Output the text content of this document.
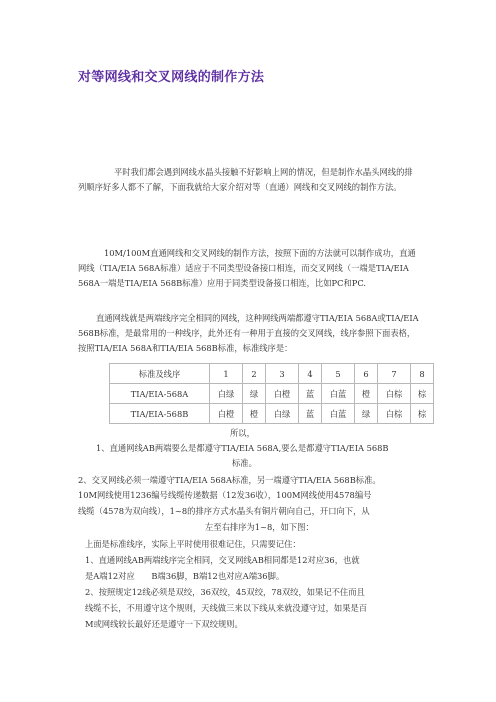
对等网线和交叉网线的制作方法
平时我们都会遇到网线水晶头接触不好影响上网的情况，但是制作水晶头网线的排列顺序好多人都不了解，下面我就给大家介绍对等（直通）网线和交叉网线的制作方法。
10M/100M直通网线和交叉网线的制作方法，按照下面的方法就可以制作成功，直通网线（TIA/EIA 568A标准）适应于不同类型设备接口相连，而交叉网线（一端是TIA/EIA 568A一端是TIA/EIA 568B标准）应用于同类型设备接口相连，比如PC和PC.
直通网线就是两端线序完全相同的网线，这种网线两端都遵守TIA/EIA 568A或TIA/EIA 568B标准，是最常用的一种线序，此外还有一种用于直接的交叉网线，线序参照下面表格，按照TIA/EIA 568A和TIA/EIA 568B标准，标准线序是：
标准及线序	1	2	3	4	5	6	7	8
TIA/EIA-568A	白绿	绿	白橙	蓝	白蓝	橙	白棕	棕
TIA/EIA-568B	白橙	橙	白绿	蓝	白蓝	绿	白棕	棕
所以，
1、直通网线AB两端要么是都遵守TIA/EIA 568A,要么是都遵守TIA/EIA 568B
标准。
2、交叉网线必须一端遵守TIA/EIA 568A标准，另一端遵守TIA/EIA 568B标准。
10M网线使用1236编号线缆传递数据（12发36收），100M网线使用4578编号
线缆（4578为双向线），1~8的排序方式水晶头有铜片朝向自己，开口向下，从
左至右排序为1~8，如下图：
上面是标准线序，实际上平时使用很难记住，只需要记住：
1、直通网线AB两端线序完全相同，交叉网线AB相同都是12对应36，也就
是A端12对应　　B端36脚，B端12也对应A端36脚。
2、按照规定12线必须是双绞，36双绞，45双绞，78双绞，如果记不住而且
线缆不长，不用遵守这个规则，天线做三来以下线从来就没遵守过，如果是百
M或网线较长最好还是遵守一下双绞规则。
